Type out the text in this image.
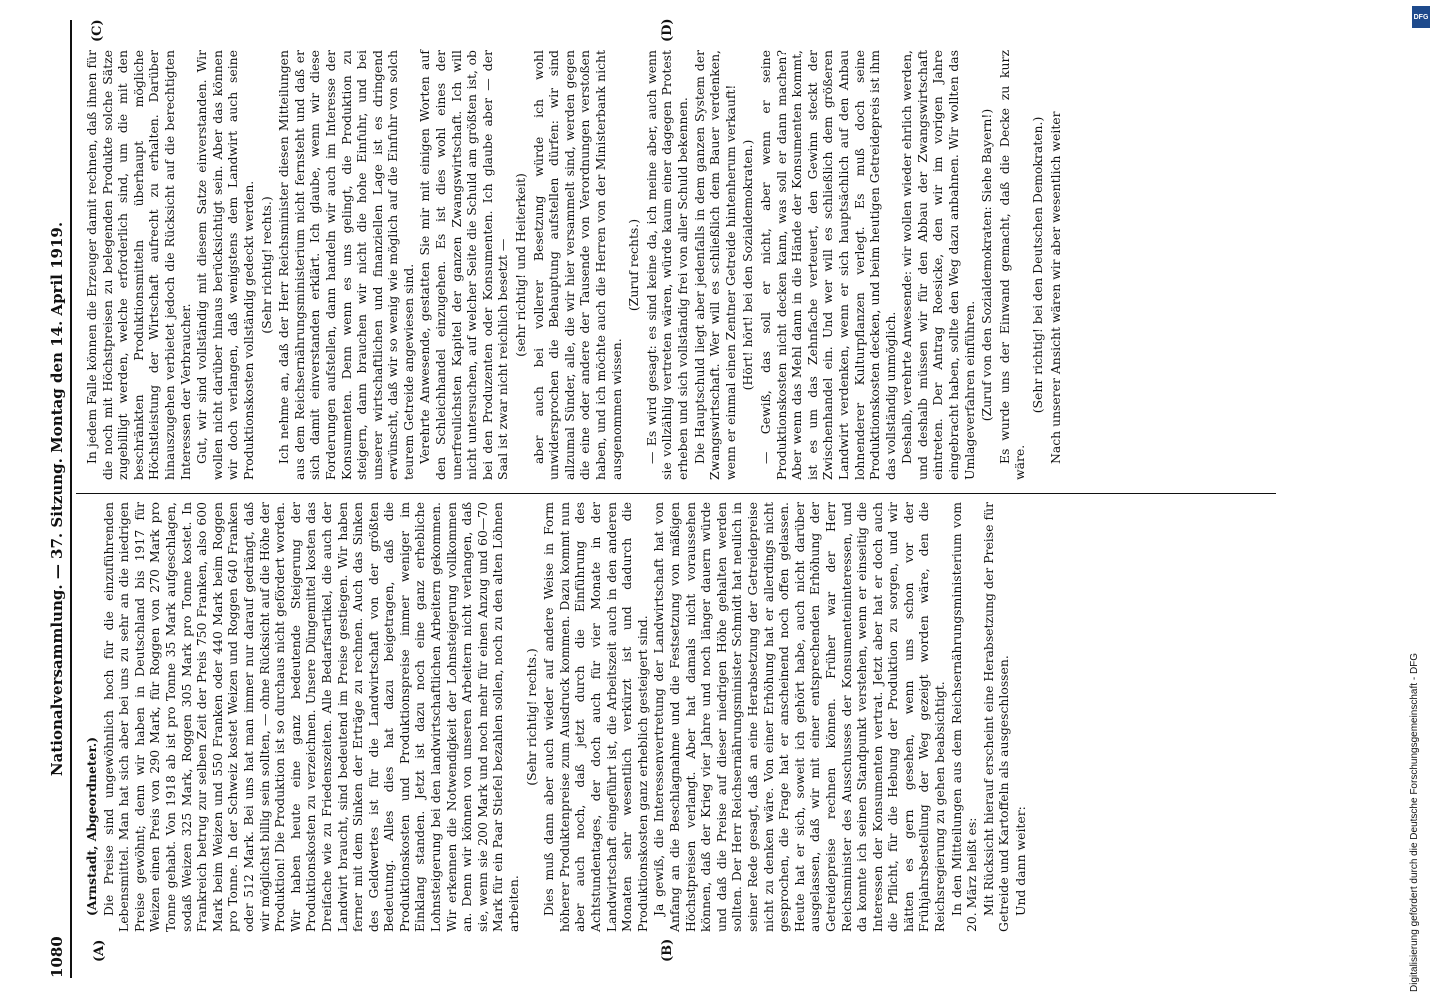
1080
Nationalversammlung. — 37. Sitzung. Montag den 14. April 1919.
(A)	(B)
(C)	(D)

(Arnstadt, Abgeordneter.) Die Preise sind ungewöhnlich hoch für die einzuführenden Lebensmittel. Man hat sich aber bei uns zu sehr an die niedrigen Preise gewöhnt; denn wir haben in Deutschland bis 1917 für Weizen einen Preis von 290 Mark, für Roggen von 270 Mark pro Tonne gehabt. Von 1918 ab ist pro Tonne 35 Mark aufgeschlagen, sodaß Weizen 325 Mark, Roggen 305 Mark pro Tonne kostet. In Frankreich betrug zur selben Zeit der Preis 750 Franken, also 600 Mark beim Weizen und 550 Franken oder 440 Mark beim Roggen pro Tonne. In der Schweiz kostet Weizen und Roggen 640 Franken oder 512 Mark. Bei uns hat man immer nur darauf gedrängt, daß wir möglichst billig sein sollten, — ohne Rücksicht auf die Höhe der Produktion! Die Produktion ist so durchaus nicht gefördert worden. Wir haben heute eine ganz bedeutende Steigerung der Produktionskosten zu verzeichnen. Unsere Düngemittel kosten das Dreifache wie zu Friedenszeiten. Alle Bedarfsartikel, die auch der Landwirt braucht, sind bedeutend im Preise gestiegen. Wir haben ferner mit dem Sinken der Erträge zu rechnen. Auch das Sinken des Geldwertes ist für die Landwirtschaft von der größten Bedeutung. Alles dies hat dazu beigetragen, daß die Produktionskosten und Produktionspreise immer weniger im Einklang standen. Jetzt ist dazu noch eine ganz erhebliche Lohnsteigerung bei den landwirtschaftlichen Arbeitern gekommen. Wir erkennen die Notwendigkeit der Lohnsteigerung vollkommen an. Denn wir können von unseren Arbeitern nicht verlangen, daß sie, wenn sie 200 Mark und noch mehr für einen Anzug und 60—70 Mark für ein Paar Stiefel bezahlen sollen, noch zu den alten Löhnen arbeiten.

(Sehr richtig! rechts.) Dies muß dann aber auch wieder auf andere Weise in Form höherer Produktenpreise zum Ausdruck kommen. Dazu kommt nun aber auch noch, daß jetzt durch die Einführung des Achtstundentages, der doch auch für vier Monate in der Landwirtschaft eingeführt ist, die Arbeitszeit auch in den anderen Monaten sehr wesentlich verkürzt ist und dadurch die Produktionskosten ganz erheblich gesteigert sind. Ja gewiß, die Interessenvertretung der Landwirtschaft hat von Anfang an die Beschlagnahme und die Festsetzung von mäßigen Höchstpreisen verlangt. Aber hat damals nicht voraussehen können, daß der Krieg vier Jahre und noch länger dauern würde und daß die Preise auf dieser niedrigen Höhe gehalten werden sollten. Der Herr Reichsernährungsminister Schmidt hat neulich in seiner Rede gesagt, daß an eine Herabsetzung der Getreidepreise nicht zu denken wäre. Von einer Erhöhung hat er allerdings nicht gesprochen, die Frage hat er anscheinend noch offen gelassen. Heute hat er sich, soweit ich gehört habe, auch nicht darüber ausgelassen, daß wir mit einer entsprechenden Erhöhung der Getreidepreise rechnen können. Früher war der Herr Reichsminister des Ausschusses der Konsumenteninteressen, und da konnte ich seinen Standpunkt verstehen, wenn er einseitig die Interessen der Konsumenten vertrat. Jetzt aber hat er doch auch die Pflicht, für die Hebung der Produktion zu sorgen, und wir hätten es gern gesehen, wenn uns schon vor der Frühjahrsbestellung der Weg gezeigt worden wäre, den die Reichsregierung zu gehen beabsichtigt. In den Mitteilungen aus dem Reichsernährungsministerium vom 20. März heißt es: Mit Rücksicht hierauf erscheint eine Herabsetzung der Preise für Getreide und Kartoffeln als ausgeschlossen. Und dann weiter:

In jedem Falle können die Erzeuger damit rechnen, daß ihnen für die noch mit Höchstpreisen zu belegenden Produkte solche Sätze zugebilligt werden, welche erforderlich sind, um die mit den beschränkten Produktionsmitteln überhaupt mögliche Höchstleistung der Wirtschaft aufrecht zu erhalten. Darüber hinauszugehen verbietet jedoch die Rücksicht auf die berechtigten Interessen der Verbraucher. Gut, wir sind vollständig mit diesem Satze einverstanden. Wir wollen nicht darüber hinaus berücksichtigt sein. Aber das können wir doch verlangen, daß wenigstens dem Landwirt auch seine Produktionskosten vollständig gedeckt werden. (Sehr richtig! rechts.) Ich nehme an, daß der Herr Reichsminister diesen Mitteilungen aus dem Reichsernährungsministerium nicht fernsteht und daß er sich damit einverstanden erklärt. Ich glaube, wenn wir diese Forderungen aufstellen, dann handeln wir auch im Interesse der Konsumenten. Denn wenn es uns gelingt, die Produktion zu steigern, dann brauchen wir nicht die hohe Einfuhr, und bei unserer wirtschaftlichen und finanziellen Lage ist es dringend erwünscht, daß wir so wenig wie möglich auf die Einfuhr von solch teurem Getreide angewiesen sind. Verehrte Anwesende, gestatten Sie mir mit einigen Worten auf den Schleichhandel einzugehen. Es ist dies wohl eines der unerfreulichsten Kapitel der ganzen Zwangswirtschaft. Ich will nicht untersuchen, auf welcher Seite die Schuld am größten ist, ob bei den Produzenten oder Konsumenten. Ich glaube aber — der Saal ist zwar nicht reichlich besetzt — (sehr richtig! und Heiterkeit) aber auch bei vollerer Besetzung würde ich wohl unwidersprochen die Behauptung aufstellen dürfen: wir sind allzumal Sünder, alle, die wir hier versammelt sind, werden gegen die eine oder andere der Tausende von Verordnungen verstoßen haben, und ich möchte auch die Herren von der Ministerbank nicht ausgenommen wissen.

(Zuruf rechts.) — Es wird gesagt: es sind keine da, ich meine aber, auch wenn sie vollzählig vertreten wären, würde kaum einer dagegen Protest erheben und sich vollständig frei von aller Schuld bekennen. Die Hauptschuld liegt aber jedenfalls in dem ganzen System der Zwangswirtschaft. Wer will es schließlich dem Bauer verdenken, wenn er einmal einen Zentner Getreide hintenherum verkauft! (Hört! hört! bei den Sozialdemokraten.) — Gewiß, das soll er nicht, aber wenn er seine Produktionskosten nicht decken kann, was soll er dann machen? Aber wenn das Mehl dann in die Hände der Konsumenten kommt, ist es um das Zehnfache verteuert, den Gewinn steckt der Zwischenhandel ein. Und wer will es schließlich dem größeren Landwirt verdenken, wenn er sich hauptsächlich auf den Anbau lohnenderer Kulturpflanzen verlegt. Es muß doch seine Produktionskosten decken, und beim heutigen Getreidepreis ist ihm das vollständig unmöglich. Deshalb, verehrte Anwesende: wir wollen wieder ehrlich werden, und deshalb müssen wir für den Abbau der Zwangswirtschaft eintreten. Der Antrag Roesicke, den wir im vorigen Jahre eingebracht haben, sollte den Weg dazu anbahnen. Wir wollten das Umlageverfahren einführen. (Zuruf von den Sozialdemokraten: Siehe Bayern!) Es wurde uns der Einwand gemacht, daß die Decke zu kurz wäre.

(Sehr richtig! bei den Deutschen Demokraten.) Nach unserer Ansicht wären wir aber wesentlich weiter

DFG
Digitalisierung gefördert durch die Deutsche Forschungsgemeinschaft - DFG
